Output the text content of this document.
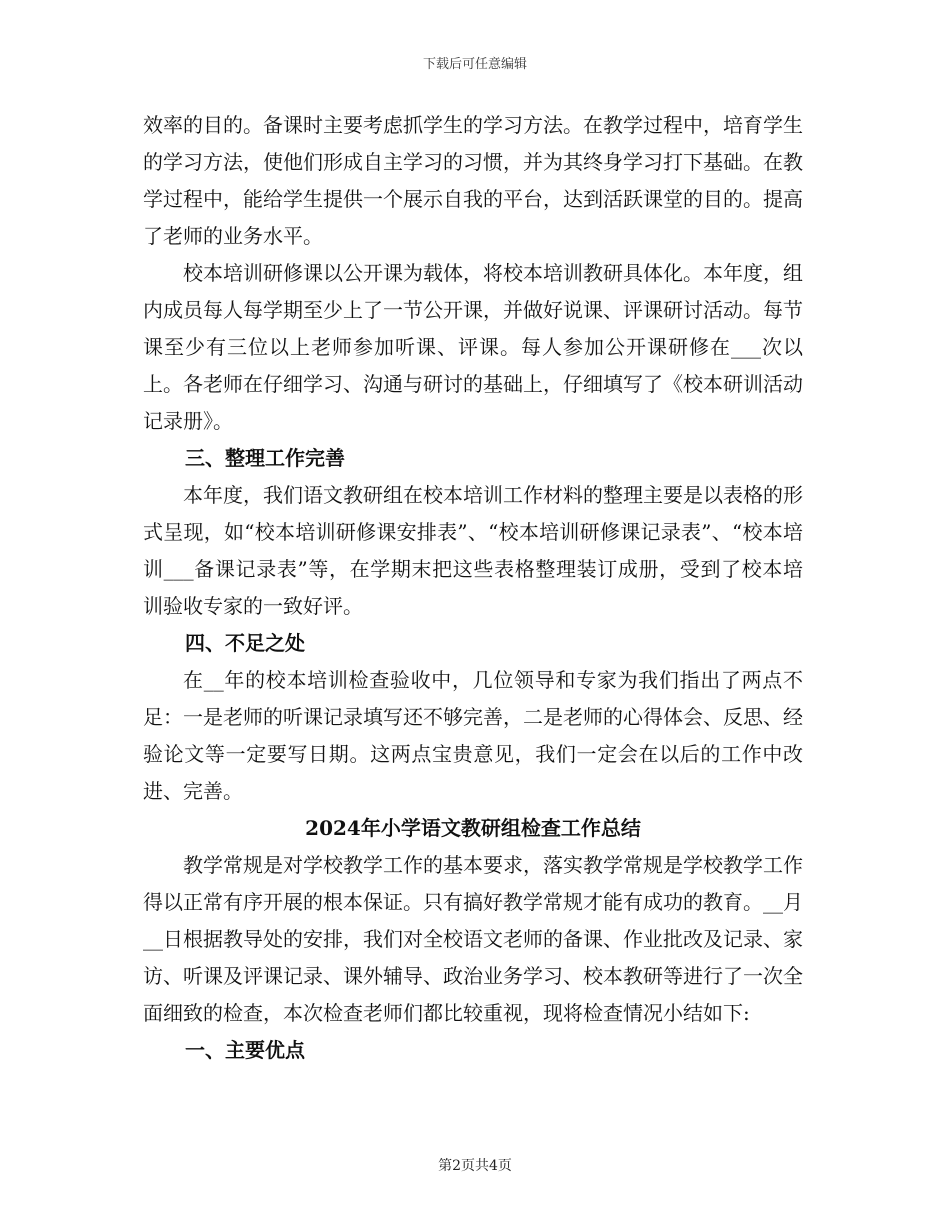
下载后可任意编辑

效率的目的。备课时主要考虑抓学生的学习方法。在教学过程中，培育学生的学习方法，使他们形成自主学习的习惯，并为其终身学习打下基础。在教学过程中，能给学生提供一个展示自我的平台，达到活跃课堂的目的。提高了老师的业务水平。

校本培训研修课以公开课为载体，将校本培训教研具体化。本年度，组内成员每人每学期至少上了一节公开课，并做好说课、评课研讨活动。每节课至少有三位以上老师参加听课、评课。每人参加公开课研修在___次以上。各老师在仔细学习、沟通与研讨的基础上，仔细填写了《校本研训活动记录册》。

三、整理工作完善

本年度，我们语文教研组在校本培训工作材料的整理主要是以表格的形式呈现，如“校本培训研修课安排表”、“校本培训研修课记录表”、“校本培训___备课记录表”等，在学期末把这些表格整理装订成册，受到了校本培训验收专家的一致好评。

四、不足之处

在__年的校本培训检查验收中，几位领导和专家为我们指出了两点不足：一是老师的听课记录填写还不够完善，二是老师的心得体会、反思、经验论文等一定要写日期。这两点宝贵意见，我们一定会在以后的工作中改进、完善。

2024年小学语文教研组检查工作总结

教学常规是对学校教学工作的基本要求，落实教学常规是学校教学工作得以正常有序开展的根本保证。只有搞好教学常规才能有成功的教育。__月__日根据教导处的安排，我们对全校语文老师的备课、作业批改及记录、家访、听课及评课记录、课外辅导、政治业务学习、校本教研等进行了一次全面细致的检查，本次检查老师们都比较重视，现将检查情况小结如下:

一、主要优点

第2页共4页
